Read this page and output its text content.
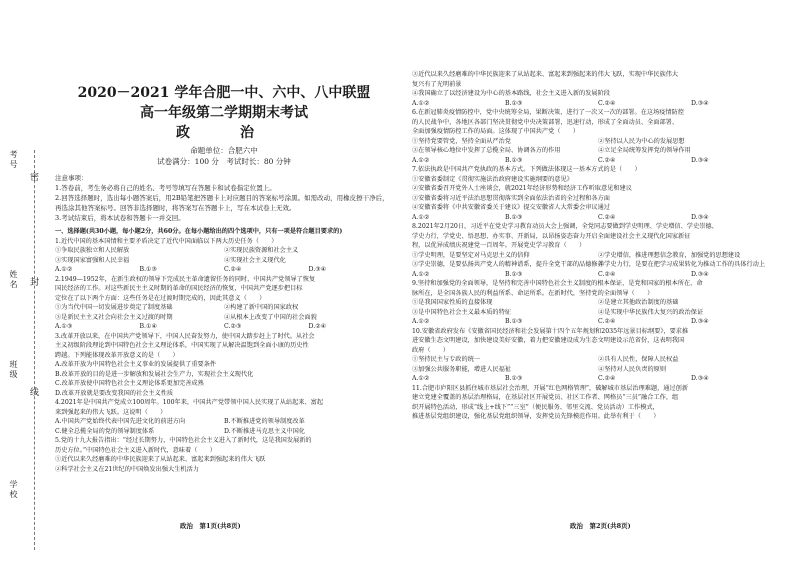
考号
姓名
班级
学校
密
封
线
2020－2021 学年合肥一中、六中、八中联盟
高一年级第二学期期末考试
政　治
命题单位：合肥六中
试卷满分：100 分　考试时长：80 分钟
注意事项：
1.答卷前，考生务必将自己的姓名、考号等填写在答题卡和试卷指定位置上。
2.回答选择题时，选出每小题答案后，用2B铅笔把答题卡上对应题目的答案标号涂黑。如需改动，用橡皮擦干净后，再选涂其他答案标号。回答非选择题时，将答案写在答题卡上，写在本试卷上无效。
3.考试结束后，将本试卷和答题卡一并交回。
一、选择题(共30小题，每小题2分，共60分。在每小题给出的四个选项中，只有一项是符合题目要求的)
1.近代中国的基本国情和主要矛盾决定了近代中国面临以下两大历史任务（　　）
①争取民族独立和人民解放	②实现民族资源和社会主义
③实现国家富强和人民幸福	④实现社会主义现代化
A.①②	B.①③	C.②④	D.③④
2.1949—1952年，在新生政权的领导下完成民主革命遗留任务的同时，中国共产党领导了恢复
国民经济的工作。对这些新民主主义时期的革命的国民经济的恢复，中国共产党逐步把目标
定位在了以下两个方面：这些任务是在过渡时期完成的，因此其意义（　　）
①为当代中国一切发展进步奠定了制度基础	②构建了新中国的国家政权
③是新民主主义社会向社会主义过渡的时期	④从根本上改变了中国的社会面貌
A.①③	B.①④	C.②③	D.②④
3.改革开放以来，在中国共产党领导下，中国人民奋发努力，使中国大踏步赶上了时代。从社会
主义初级阶段理论到中国特色社会主义理论体系，中国实现了从解决温饱到全面小康的历史性
跨越。下列能体现改革开放意义的是（　　）
A.改革开放为中国特色社会主义事业的发展提供了重要条件
B.改革开放的目的是进一步解放和发展社会生产力，实现社会主义现代化
C.改革开放使中国特色社会主义理论体系更加完善成熟
D.改革开放就是要改变我国的社会主义性质
4.2021年是中国共产党成立100周年。100年来，中国共产党带领中国人民实现了从站起来、富起
来到强起来的伟大飞跃。这说明（　　）
A.中国共产党始终代表中国先进文化的前进方向	B.不断推进党的领导制度改革
C.健全总揽全局的党的领导制度体系	D.不断推进马克思主义中国化
5.党的十九大报告指出：“经过长期努力，中国特色社会主义进入了新时代，这是我国发展新的
历史方位。”中国特色社会主义进入新时代，意味着（　　）
①近代以来久经磨难的中华民族迎来了从站起来、富起来到强起来的伟大飞跃
②科学社会主义在21世纪的中国焕发出强大生机活力
③近代以来久经磨难的中华民族迎来了从站起来、富起来到强起来的伟大飞跃，实现中华民族伟大
复兴有了光明前景
④我国确立了以经济建设为中心的基本路线，社会主义进入新的发展阶段
A.①②	B.①③	C.②④	D.③④
6.在新冠肺炎疫情防控中，党中央统筹全局，果断决策，进行了一次又一次的部署。在这场疫情防控
的人民战争中，各地区各部门坚决贯彻党中央决策部署，迅速行动，形成了全面动员、全面部署、
全面加强疫情防控工作的局面。这体现了中国共产党（　　）
①坚持党要管党，坚持全面从严治党	②坚持以人民为中心的发展思想
③在领导核心地位中发挥了总揽全局、协调各方的作用	④立足全局统筹发挥党的领导作用
A.①②	B.①③	C.②④	D.③④
7.依法执政是中国共产党执政的基本方式。下列做法体现这一基本方式的是（　　）
①安徽省委制定《贯彻实施法治政府建设实施纲要的意见》
②安徽省委召开党外人士座谈会，就2021年经济形势和经济工作听取意见和建议
③安徽省委将习近平法治思想贯彻落实到全面依法治省的全过程和各方面
④安徽省委将《中共安徽省委关于建议》提交安徽省人大常委会审议通过
A.①②	B.①③	C.②④	D.③④
8.2021年2月20日，习近平在党史学习教育动员大会上强调，全党同志要做到学史明理、学史增信、学史崇德、
学史力行，学党史、悟思想、办实事、开新局，以昂扬姿态奋力开启全面建设社会主义现代化国家新征
程，以优异成绩庆祝建党一百周年。开展党史学习教育（　　）
①学史明理，是要坚定对马克思主义的信仰	②学史增信，推进理想信念教育，加强党的思想建设
③学史崇德，是要弘扬共产党人的精神谱系，提升全党干部的品德修养
④学史力行，是要在把学习成果转化为推动工作的具体行动上
A.①②	B.①③	C.②④	D.③④
9.坚持和加强党的全面领导，是坚持和完善中国特色社会主义制度的根本保证，是党和国家的根本所在、命
脉所在，是全国各族人民的利益所系、命运所系。在新时代，坚持党的全面领导（　　）
①是我国国家性质的直接体现	②是建立其他政治制度的基础
③是中国特色社会主义最本质的特征	④是实现中华民族伟大复兴的政治保证
A.①②	B.①③	C.②④	D.③④
10.安徽省政府发布《安徽省国民经济和社会发展第十四个五年规划和2035年远景目标纲要》，要求推
进安徽生态文明建设，加快建设美好安徽，着力把安徽建设成为生态文明建设示范省份，这表明我国
政府（　　）
①坚持民主与专政的统一	②具有人民性，保障人民权益
③加强公共服务职能，增进人民福祉	④坚持对人民负责的原则
A.①②	B.①③	C.②④	D.③④
11.合肥市庐阳区县抓住城市基层社会治理，开展“红色网格管理”，破解城市基层治理难题，通过创新
建立党建全覆盖的基层治理格局，在基层社区开展党员、社区工作者、网格员“三员”融合工作，组
织开展特色活动，形成“线上+线下”“三室”（便民服务、邻里交流、党员活动）工作模式，
推进基层党组织建设，强化基层党组织领导，发挥党员先锋模范作用。此举有利于（　　）
政治　第1页(共8页)	政治　第2页(共8页)
